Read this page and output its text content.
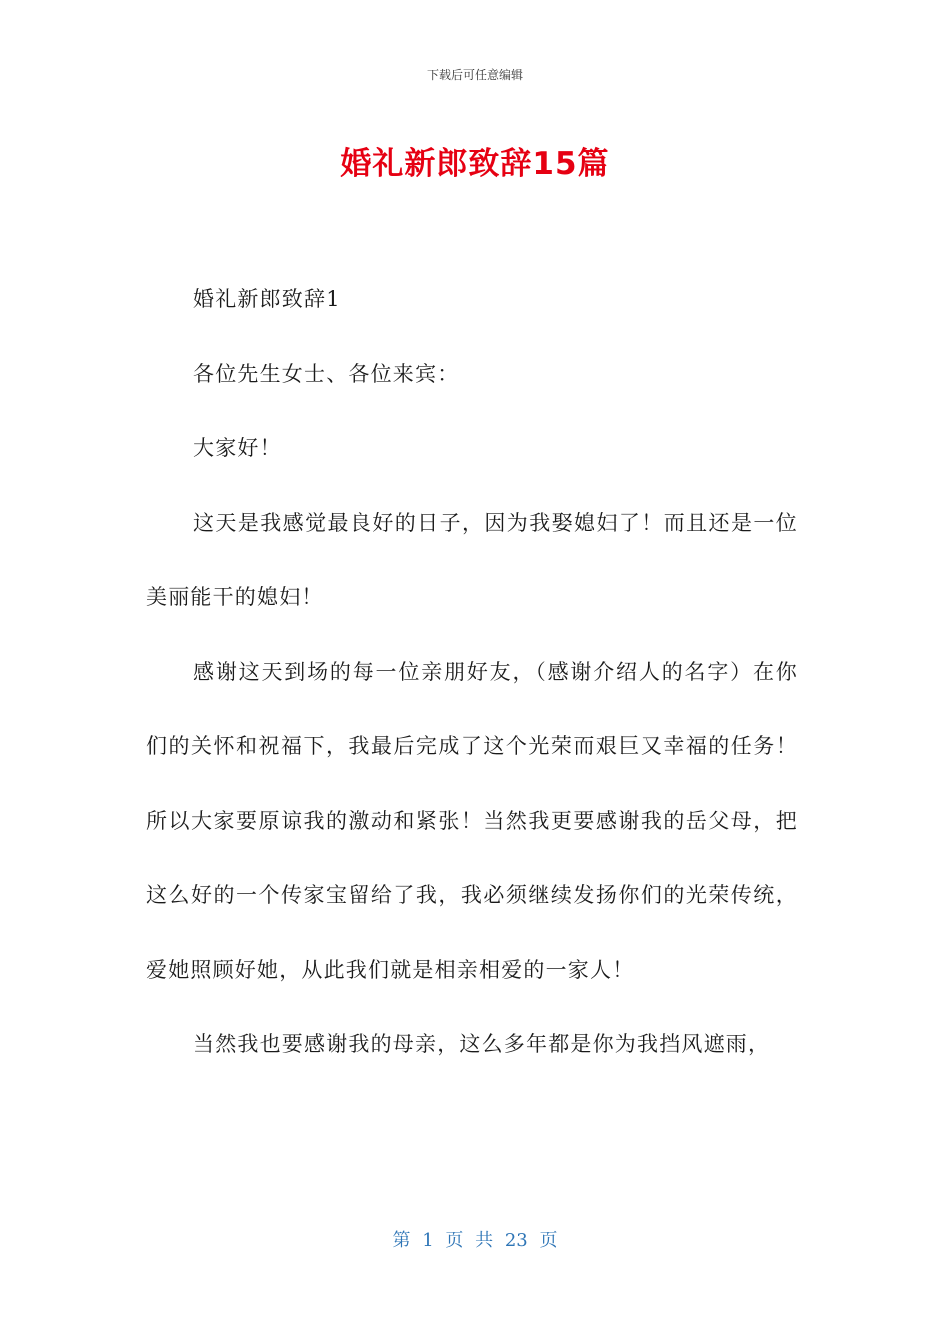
下载后可任意编辑
婚礼新郎致辞15篇

婚礼新郎致辞1

各位先生女士、各位来宾：

大家好！

这天是我感觉最良好的日子，因为我娶媳妇了！而且还是一位美丽能干的媳妇！

感谢这天到场的每一位亲朋好友，（感谢介绍人的名字）在你们的关怀和祝福下，我最后完成了这个光荣而艰巨又幸福的任务！所以大家要原谅我的激动和紧张！当然我更要感谢我的岳父母，把这么好的一个传家宝留给了我，我必须继续发扬你们的光荣传统，爱她照顾好她，从此我们就是相亲相爱的一家人！

当然我也要感谢我的母亲，这么多年都是你为我挡风遮雨，

第 1 页 共 23 页
